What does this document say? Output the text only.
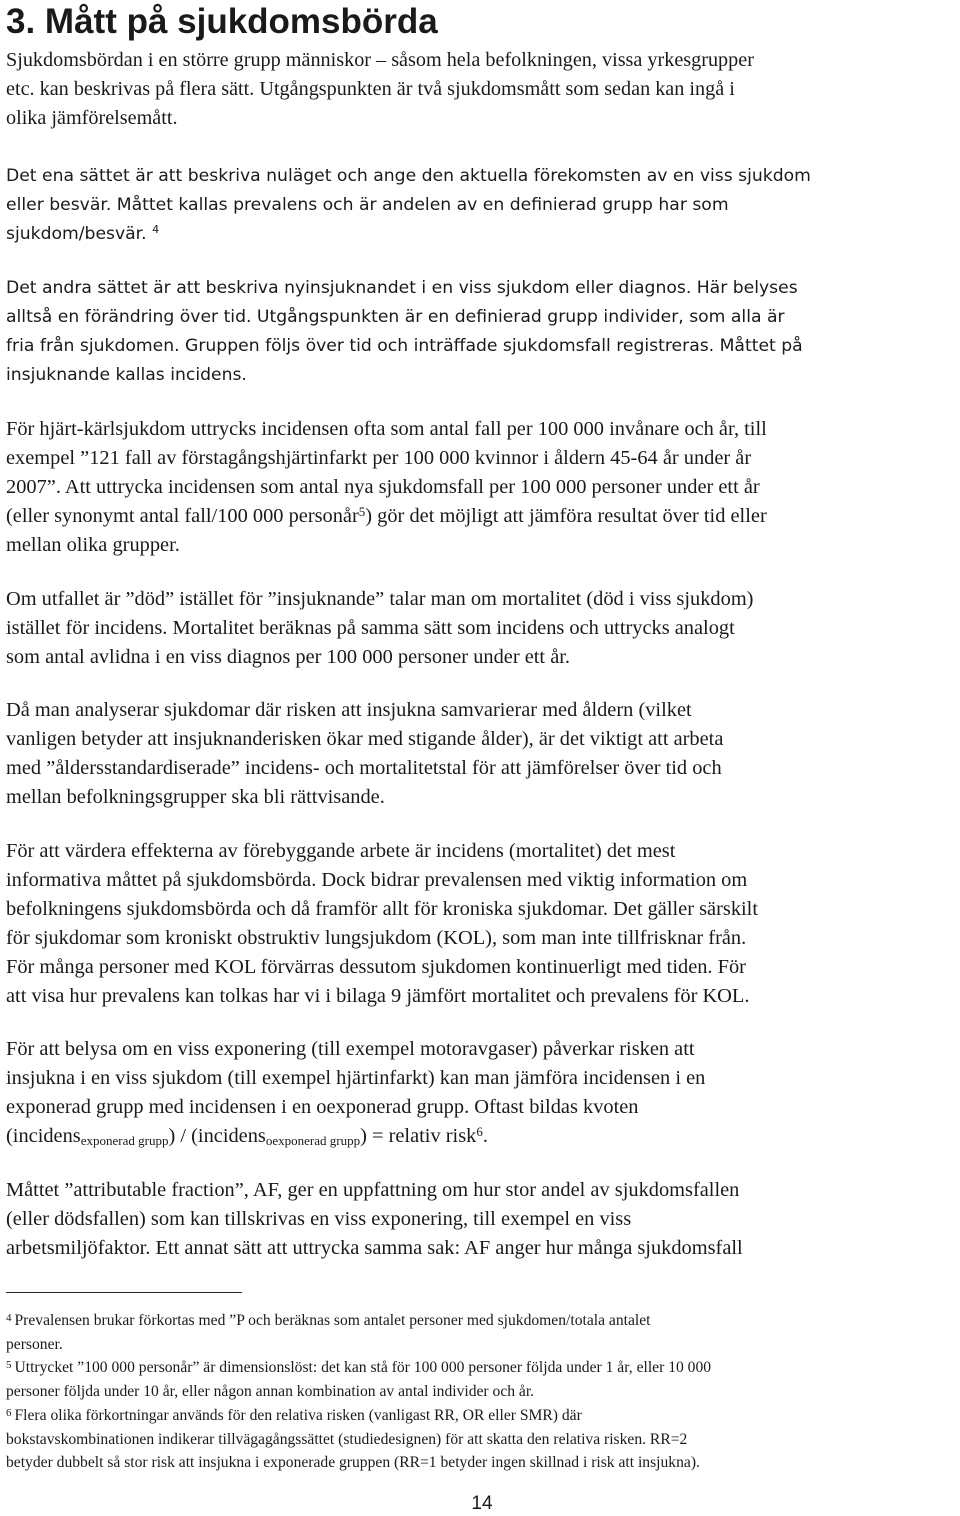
3. Mått på sjukdomsbörda

Sjukdomsbördan i en större grupp människor – såsom hela befolkningen, vissa yrkesgrupper
etc. kan beskrivas på flera sätt. Utgångspunkten är två sjukdomsmått som sedan kan ingå i
olika jämförelsemått.

Det ena sättet är att beskriva nuläget och ange den aktuella förekomsten av en viss sjukdom
eller besvär. Måttet kallas prevalens och är andelen av en definierad grupp har som
sjukdom/besvär. $^4$

Det andra sättet är att beskriva nyinsjuknandet i en viss sjukdom eller diagnos. Här belyses
alltså en förändring över tid. Utgångspunkten är en definierad grupp individer, som alla är
fria från sjukdomen. Gruppen följs över tid och inträffade sjukdomsfall registreras. Måttet på
insjuknande kallas incidens.

För hjärt-kärlsjukdom uttrycks incidensen ofta som antal fall per 100 000 invånare och år, till
exempel ”121 fall av förstagångshjärtinfarkt per 100 000 kvinnor i åldern 45-64 år under år
2007”. Att uttrycka incidensen som antal nya sjukdomsfall per 100 000 personer under ett år
(eller synonymt antal fall/100 000 personår$^5$) gör det möjligt att jämföra resultat över tid eller
mellan olika grupper.

Om utfallet är ”död” istället för ”insjuknande” talar man om mortalitet (död i viss sjukdom)
istället för incidens. Mortalitet beräknas på samma sätt som incidens och uttrycks analogt
som antal avlidna i en viss diagnos per 100 000 personer under ett år.

Då man analyserar sjukdomar där risken att insjukna samvarierar med åldern (vilket
vanligen betyder att insjuknanderisken ökar med stigande ålder), är det viktigt att arbeta
med ”åldersstandardiserade” incidens- och mortalitetstal för att jämförelser över tid och
mellan befolkningsgrupper ska bli rättvisande.

För att värdera effekterna av förebyggande arbete är incidens (mortalitet) det mest
informativa måttet på sjukdomsbörda. Dock bidrar prevalensen med viktig information om
befolkningens sjukdomsbörda och då framför allt för kroniska sjukdomar. Det gäller särskilt
för sjukdomar som kroniskt obstruktiv lungsjukdom (KOL), som man inte tillfrisknar från.
För många personer med KOL förvärras dessutom sjukdomen kontinuerligt med tiden. För
att visa hur prevalens kan tolkas har vi i bilaga 9 jämfört mortalitet och prevalens för KOL.

För att belysa om en viss exponering (till exempel motoravgaser) påverkar risken att
insjukna i en viss sjukdom (till exempel hjärtinfarkt) kan man jämföra incidensen i en
exponerad grupp med incidensen i en oexponerad grupp. Oftast bildas kvoten
(incidens$_{exponerad grupp}$) / (incidens$_{oexponerad grupp}$) = relativ risk$^6$.

Måttet ”attributable fraction”, AF, ger en uppfattning om hur stor andel av sjukdomsfallen
(eller dödsfallen) som kan tillskrivas en viss exponering, till exempel en viss
arbetsmiljöfaktor. Ett annat sätt att uttrycka samma sak: AF anger hur många sjukdomsfall

$^4$ Prevalensen brukar förkortas med ”P och beräknas som antalet personer med sjukdomen/totala antalet
personer.
$^5$ Uttrycket ”100 000 personår” är dimensionslöst: det kan stå för 100 000 personer följda under 1 år, eller 10 000
personer följda under 10 år, eller någon annan kombination av antal individer och år.
$^6$ Flera olika förkortningar används för den relativa risken (vanligast RR, OR eller SMR) där
bokstavskombinationen indikerar tillvägagångssättet (studiedesignen) för att skatta den relativa risken. RR=2
betyder dubbelt så stor risk att insjukna i exponerade gruppen (RR=1 betyder ingen skillnad i risk att insjukna).
14
